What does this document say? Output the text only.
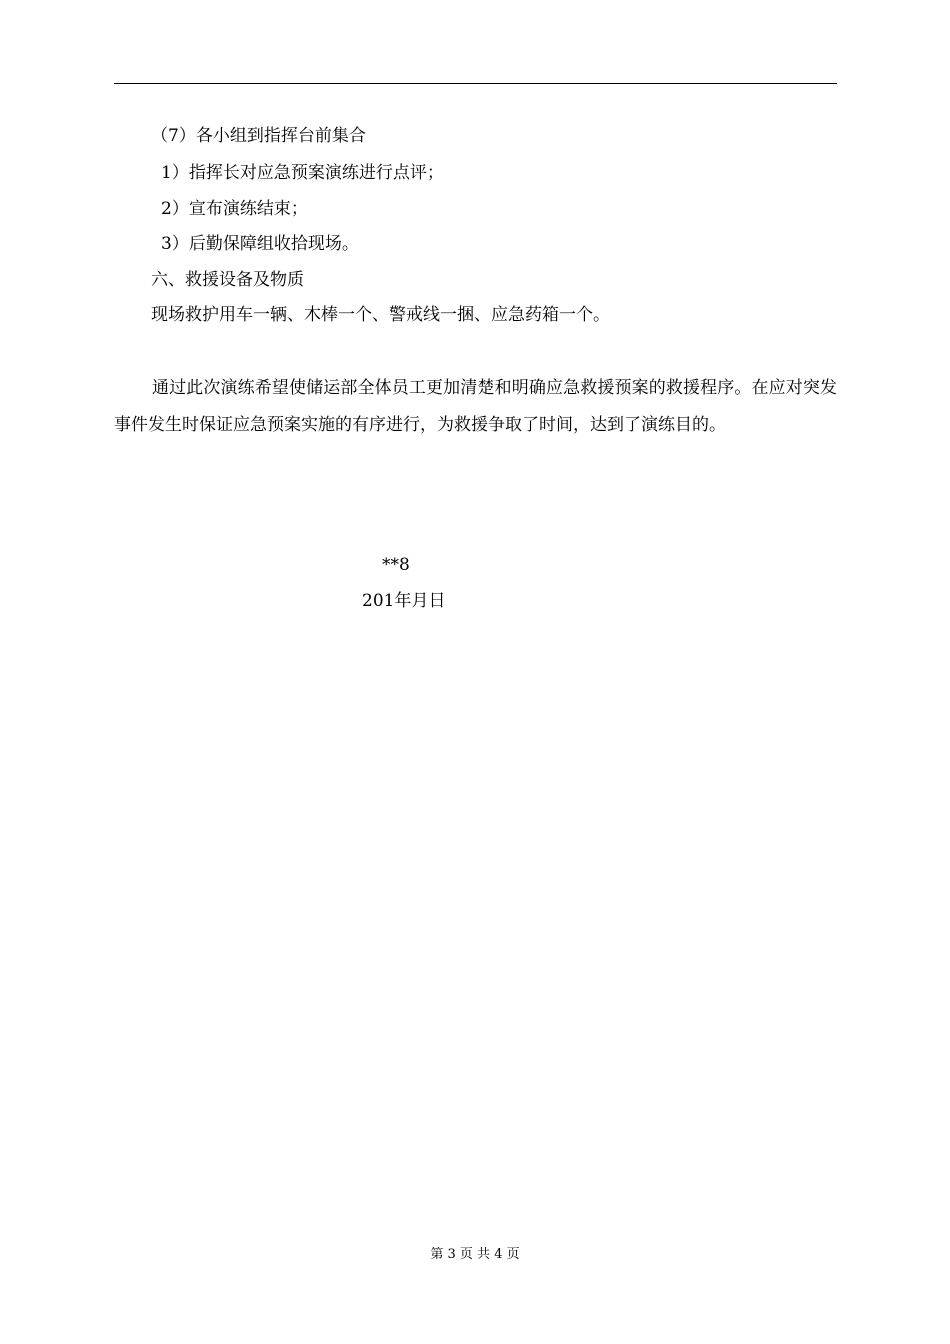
（7）各小组到指挥台前集合
1）指挥长对应急预案演练进行点评；
2）宣布演练结束；
3）后勤保障组收拾现场。
六、救援设备及物质
现场救护用车一辆、木棒一个、警戒线一捆、应急药箱一个。
通过此次演练希望使储运部全体员工更加清楚和明确应急救援预案的救援程序。在应对突发事件发生时保证应急预案实施的有序进行，为救援争取了时间，达到了演练目的。
**8
201年月日
第 3 页 共 4 页
